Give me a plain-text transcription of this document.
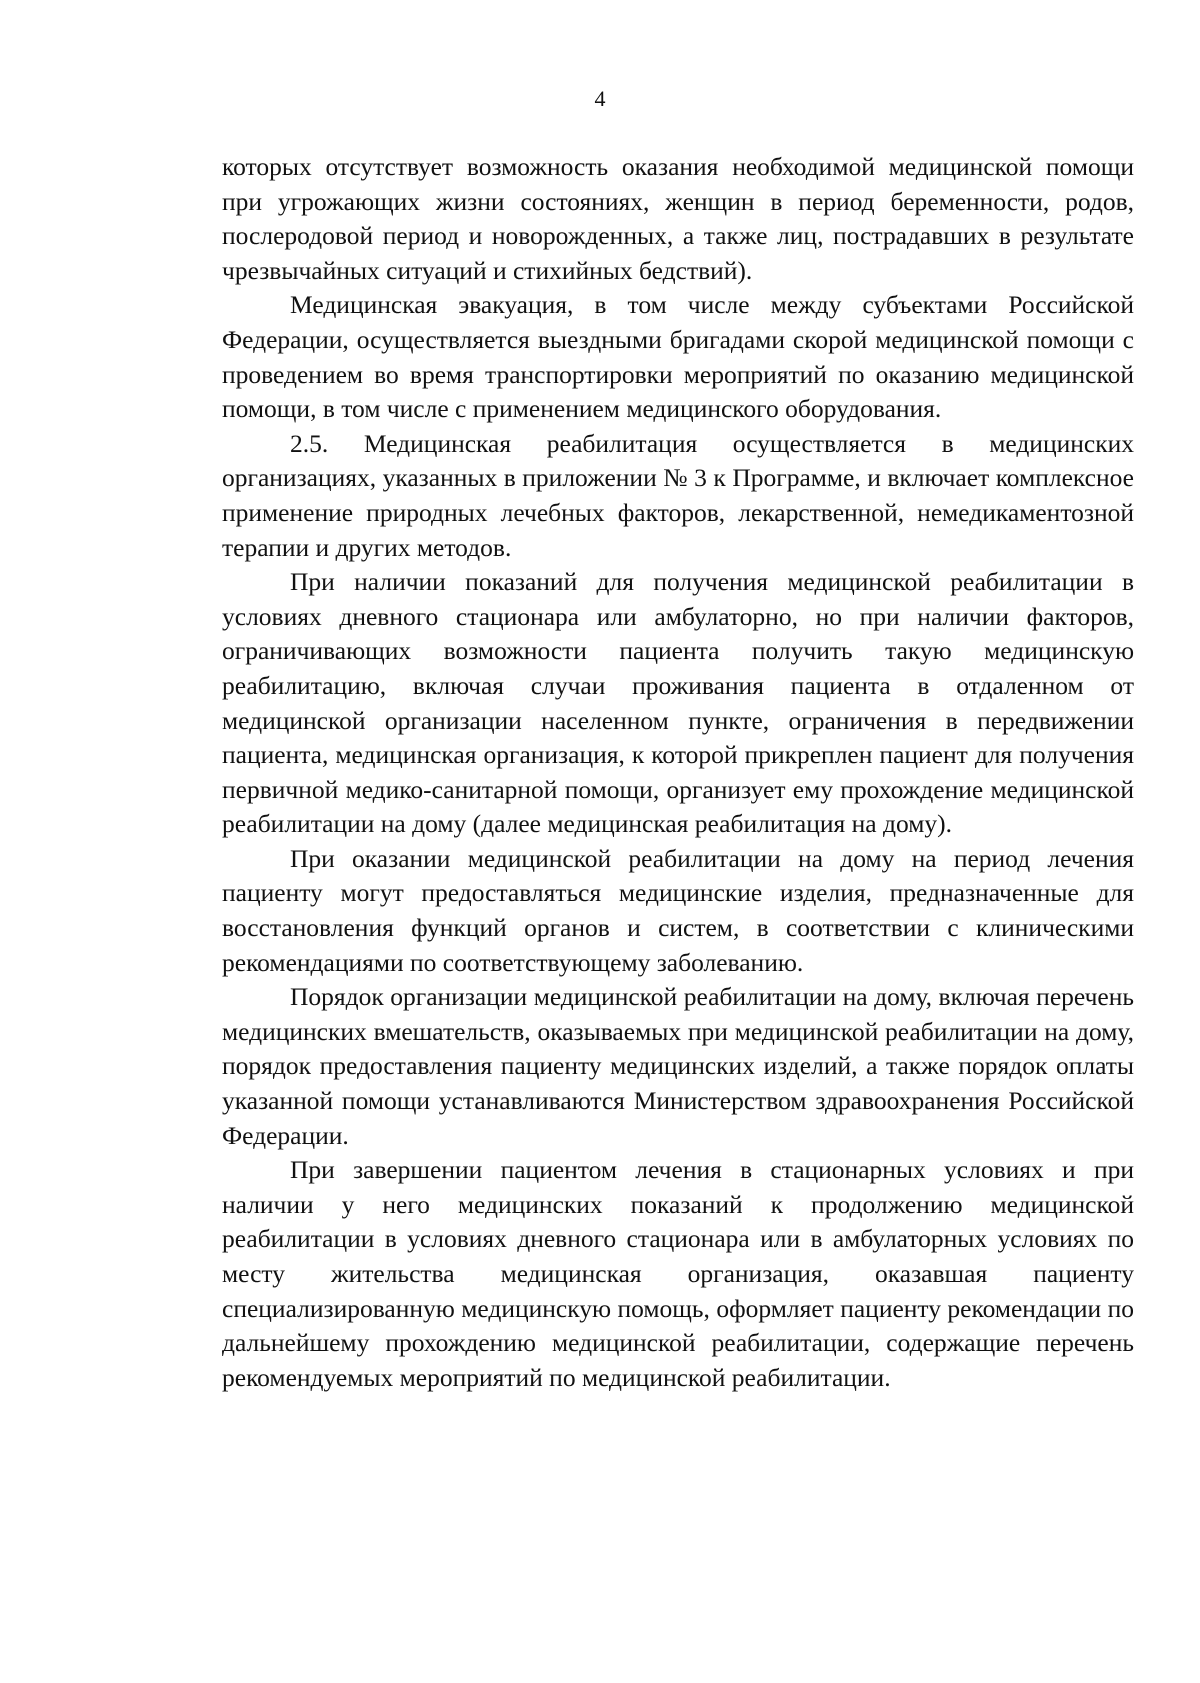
4

которых отсутствует возможность оказания необходимой медицинской помощи при угрожающих жизни состояниях, женщин в период беременности, родов, послеродовой период и новорожденных, а также лиц, пострадавших в результате чрезвычайных ситуаций и стихийных бедствий).

Медицинская эвакуация, в том числе между субъектами Российской Федерации, осуществляется выездными бригадами скорой медицинской помощи с проведением во время транспортировки мероприятий по оказанию медицинской помощи, в том числе с применением медицинского оборудования.

2.5. Медицинская реабилитация осуществляется в медицинских организациях, указанных в приложении № 3 к Программе, и включает комплексное применение природных лечебных факторов, лекарственной, немедикаментозной терапии и других методов.

При наличии показаний для получения медицинской реабилитации в условиях дневного стационара или амбулаторно, но при наличии факторов, ограничивающих возможности пациента получить такую медицинскую реабилитацию, включая случаи проживания пациента в отдаленном от медицинской организации населенном пункте, ограничения в передвижении пациента, медицинская организация, к которой прикреплен пациент для получения первичной медико-санитарной помощи, организует ему прохождение медицинской реабилитации на дому (далее медицинская реабилитация на дому).

При оказании медицинской реабилитации на дому на период лечения пациенту могут предоставляться медицинские изделия, предназначенные для восстановления функций органов и систем, в соответствии с клиническими рекомендациями по соответствующему заболеванию.

Порядок организации медицинской реабилитации на дому, включая перечень медицинских вмешательств, оказываемых при медицинской реабилитации на дому, порядок предоставления пациенту медицинских изделий, а также порядок оплаты указанной помощи устанавливаются Министерством здравоохранения Российской Федерации.

При завершении пациентом лечения в стационарных условиях и при наличии у него медицинских показаний к продолжению медицинской реабилитации в условиях дневного стационара или в амбулаторных условиях по месту жительства медицинская организация, оказавшая пациенту специализированную медицинскую помощь, оформляет пациенту рекомендации по дальнейшему прохождению медицинской реабилитации, содержащие перечень рекомендуемых мероприятий по медицинской реабилитации.
